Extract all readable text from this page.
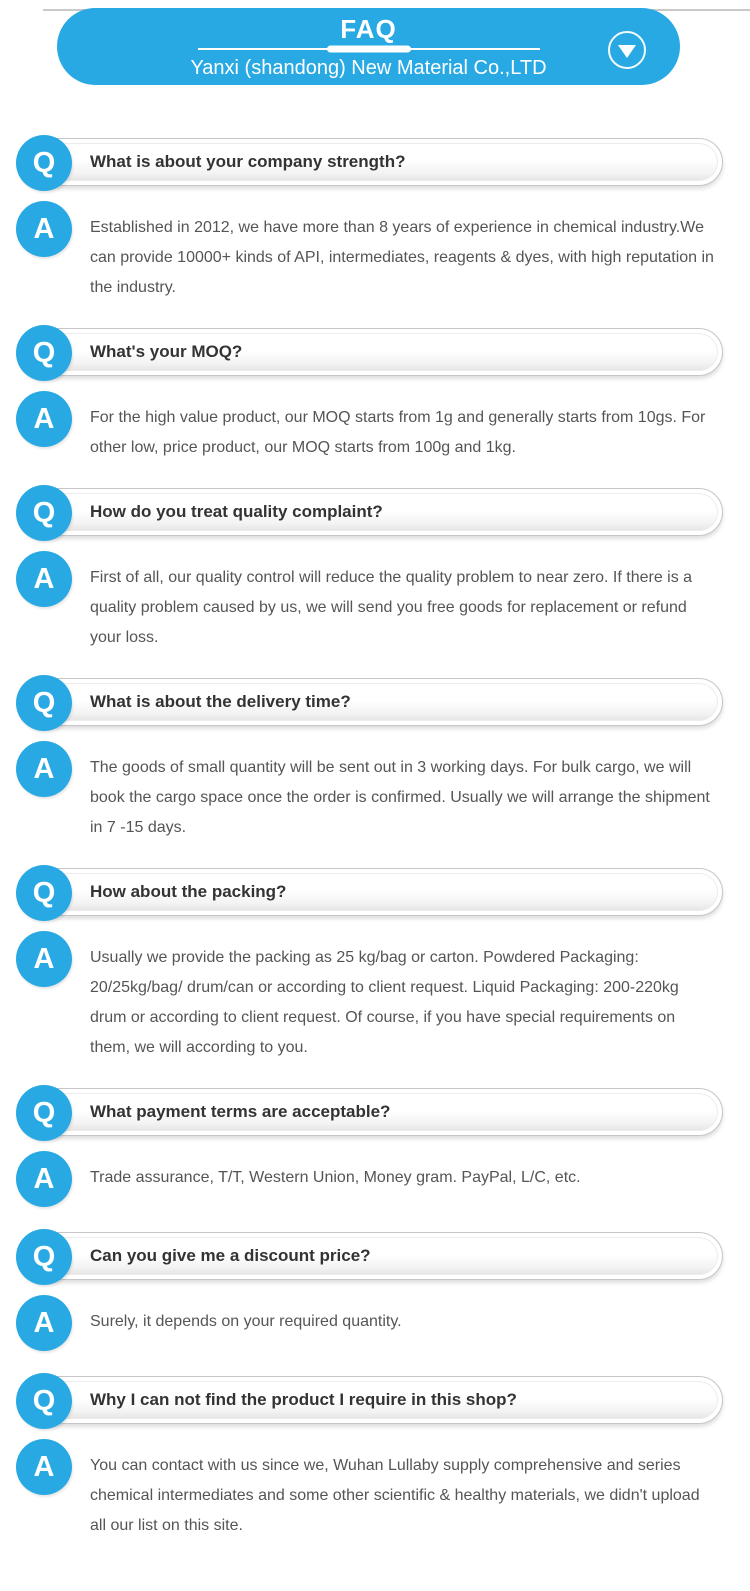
FAQ
Yanxi (shandong) New Material Co.,LTD
What is about your company strength?
Q
A Established in 2012, we have more than 8 years of experience in chemical industry.We can provide 10000+ kinds of API, intermediates, reagents & dyes, with high reputation in the industry.

What's your MOQ?
Q
A For the high value product, our MOQ starts from 1g and generally starts from 10gs. For other low, price product, our MOQ starts from 100g and 1kg.

How do you treat quality complaint?
Q
A First of all, our quality control will reduce the quality problem to near zero. If there is a quality problem caused by us, we will send you free goods for replacement or refund your loss.

What is about the delivery time?
Q
A The goods of small quantity will be sent out in 3 working days. For bulk cargo, we will book the cargo space once the order is confirmed. Usually we will arrange the shipment in 7 -15 days.

How about the packing?
Q
A Usually we provide the packing as 25 kg/bag or carton. Powdered Packaging: 20/25kg/bag/ drum/can or according to client request. Liquid Packaging: 200-220kg drum or according to client request. Of course, if you have special requirements on them, we will according to you.

What payment terms are acceptable?
Q
A Trade assurance, T/T, Western Union, Money gram. PayPal, L/C, etc.

Can you give me a discount price?
Q
A Surely, it depends on your required quantity.

Why I can not find the product I require in this shop?
Q
A You can contact with us since we, Wuhan Lullaby supply comprehensive and series chemical intermediates and some other scientific & healthy materials, we didn't upload all our list on this site.
